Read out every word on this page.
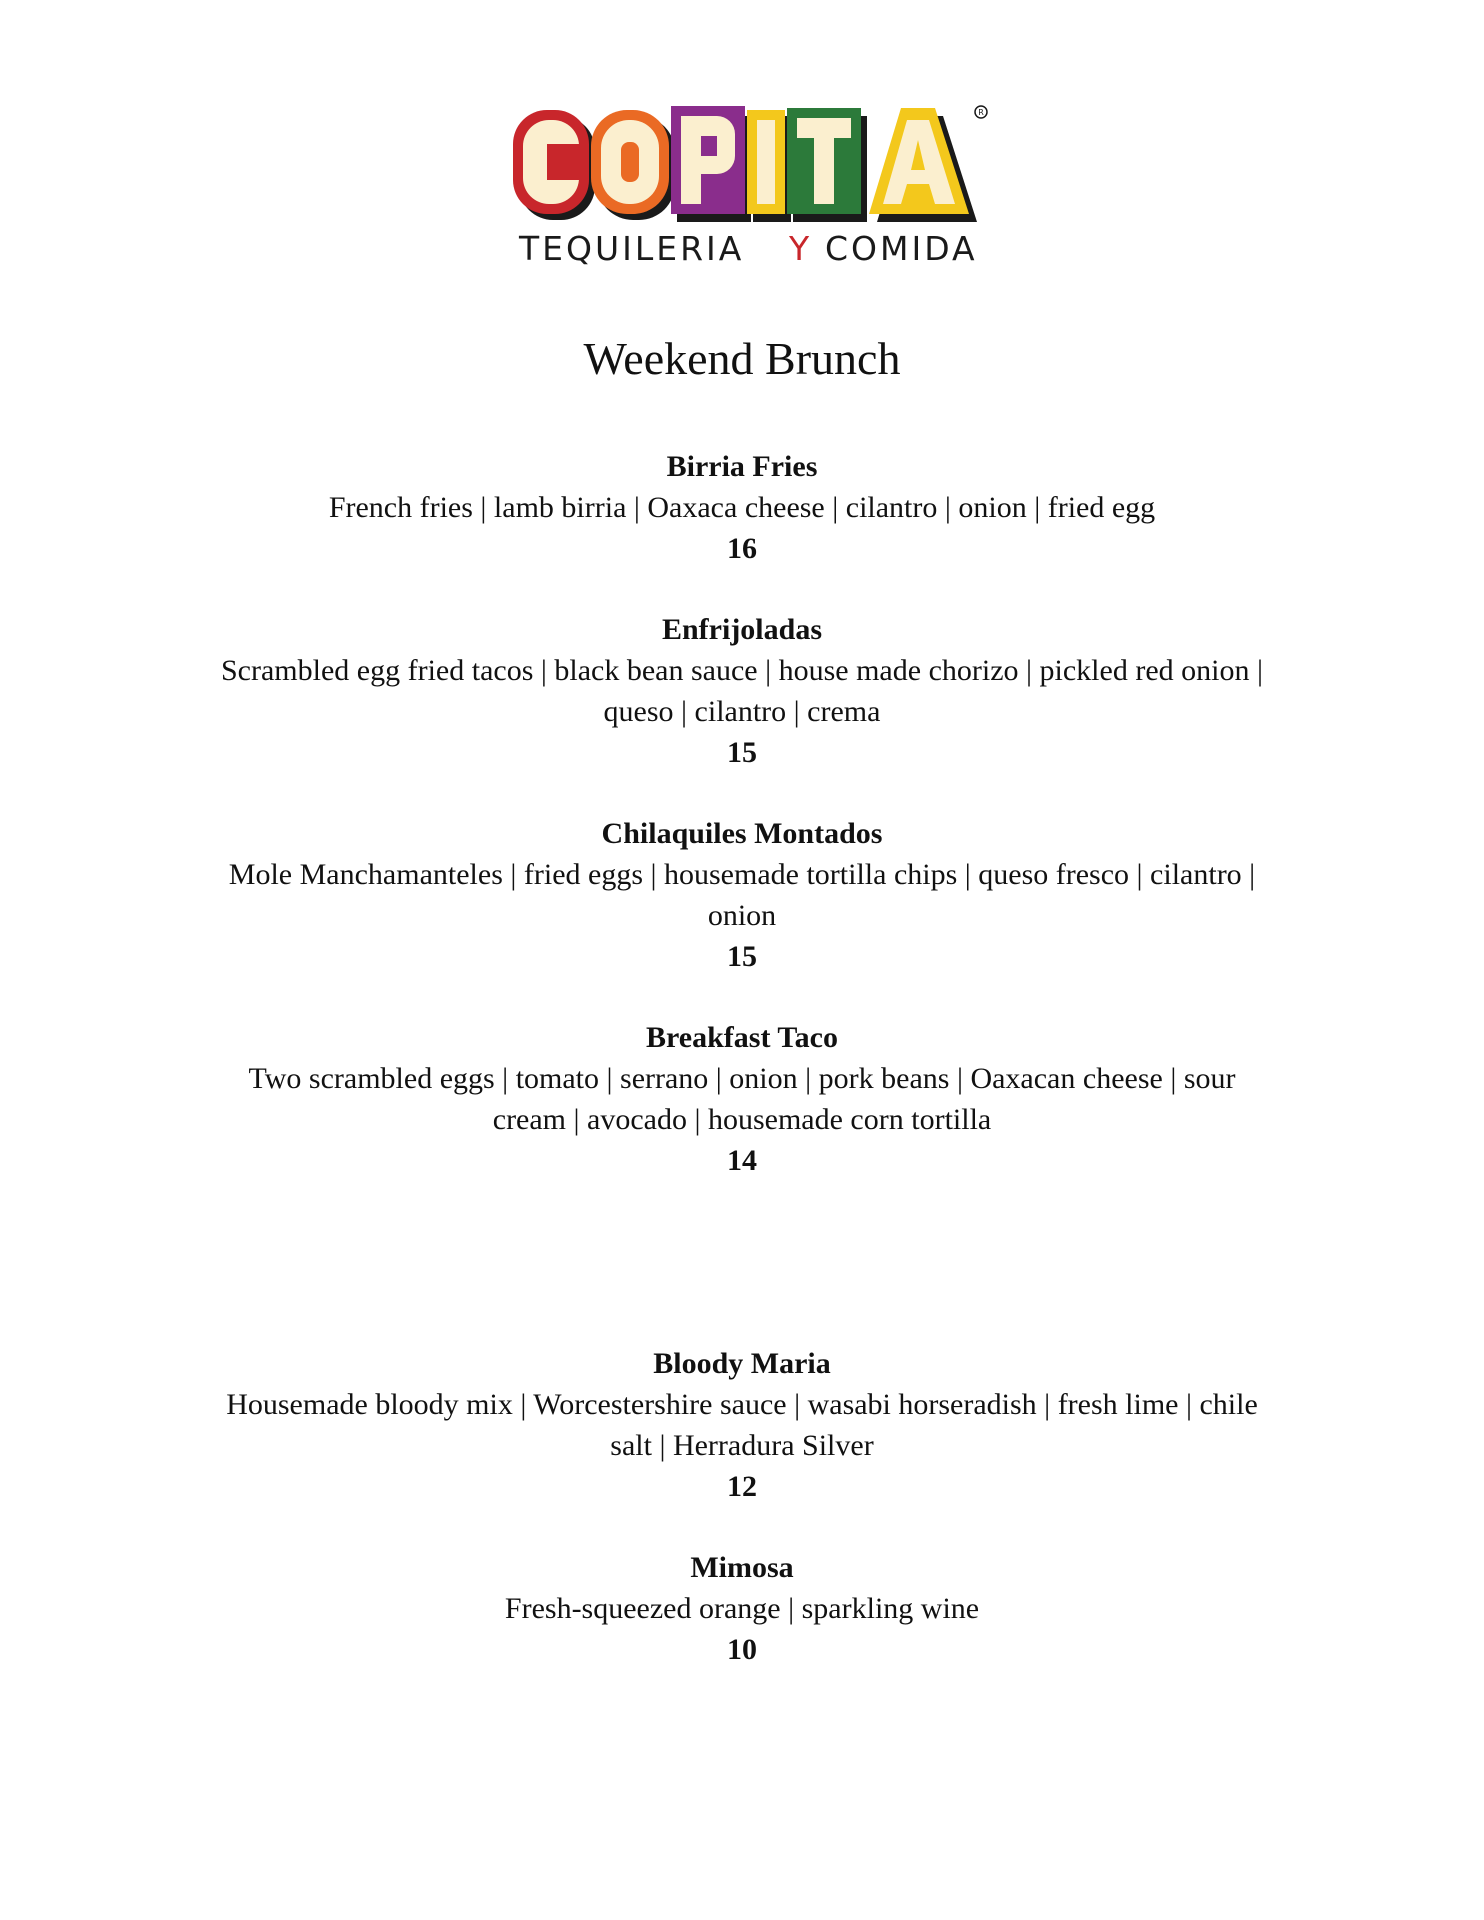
R
TEQUILERIA Y COMIDA
Weekend Brunch
Birria Fries
French fries | lamb birria | Oaxaca cheese | cilantro | onion | fried egg
16
Enfrijoladas
Scrambled egg fried tacos | black bean sauce | house made chorizo | pickled red onion |
queso | cilantro | crema
15
Chilaquiles Montados
Mole Manchamanteles | fried eggs | housemade tortilla chips | queso fresco | cilantro |
onion
15
Breakfast Taco
Two scrambled eggs | tomato | serrano | onion | pork beans | Oaxacan cheese | sour
cream | avocado | housemade corn tortilla
14
Bloody Maria
Housemade bloody mix | Worcestershire sauce | wasabi horseradish | fresh lime | chile
salt | Herradura Silver
12
Mimosa
Fresh-squeezed orange | sparkling wine
10
